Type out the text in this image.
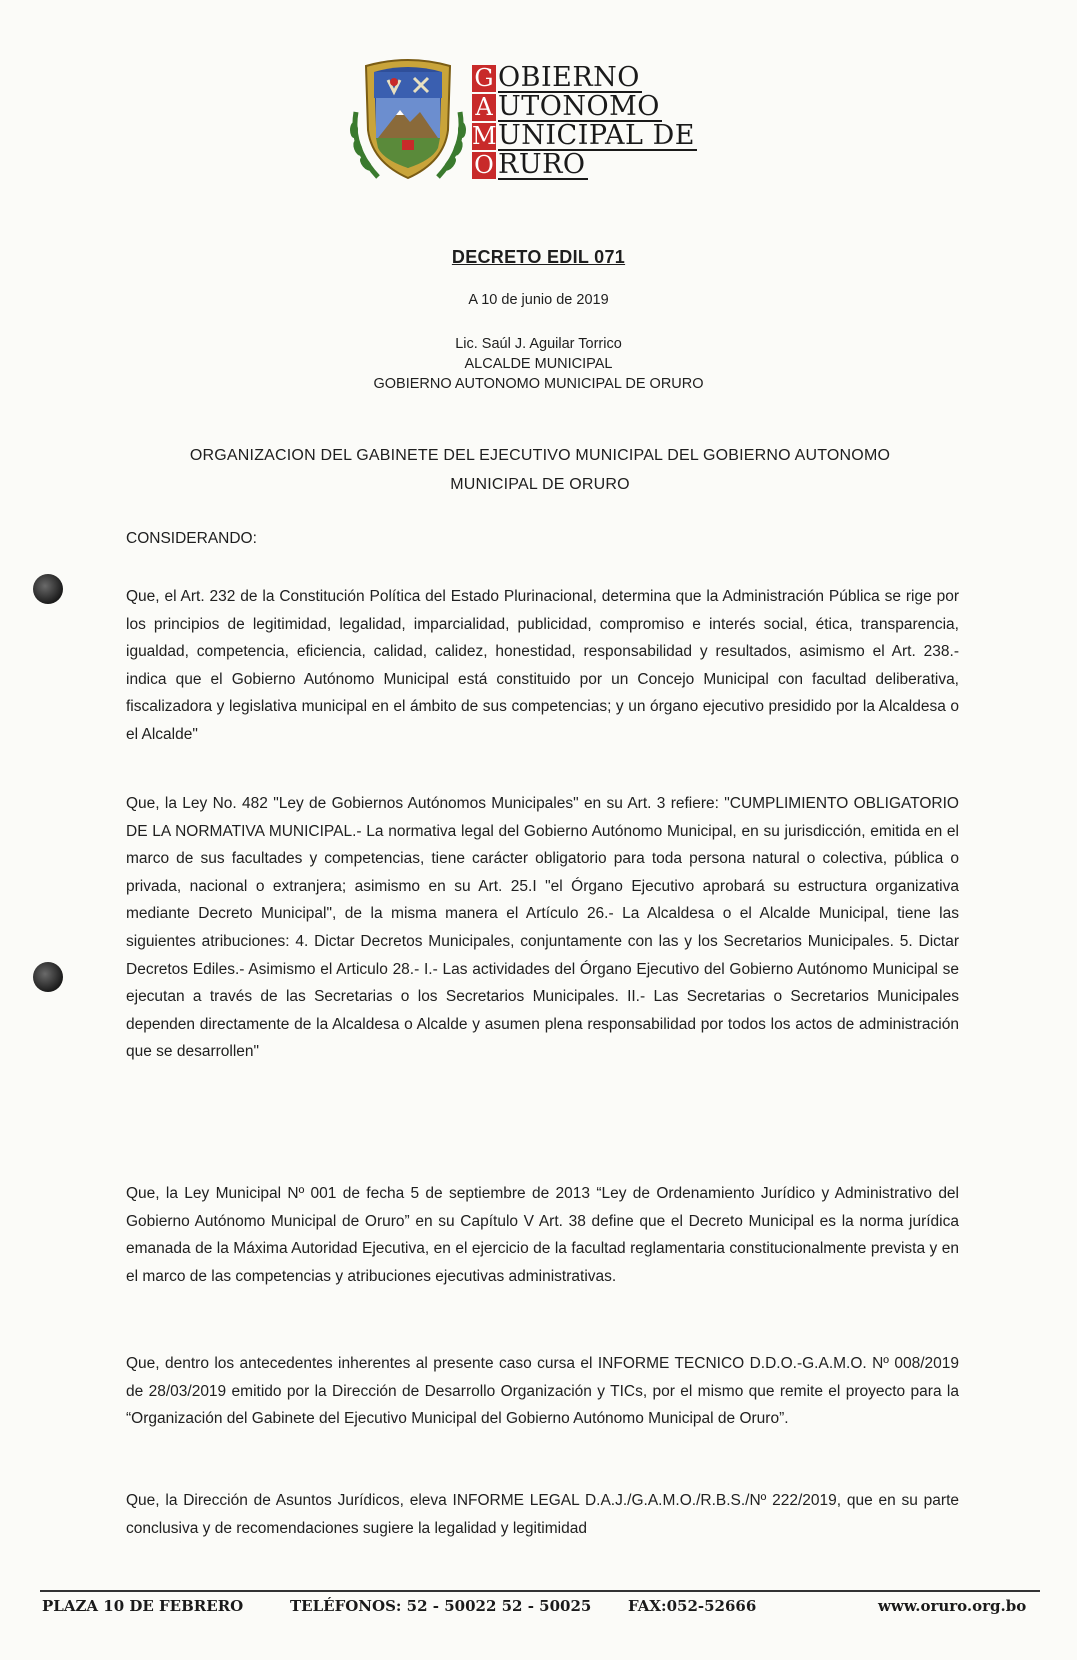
G OBIERNO
A UTONOMO
M UNICIPAL DE
O RURO
DECRETO EDIL 071
A 10 de junio de 2019
Lic. Saúl J. Aguilar Torrico
ALCALDE MUNICIPAL
GOBIERNO AUTONOMO MUNICIPAL DE ORURO
ORGANIZACION DEL GABINETE DEL EJECUTIVO MUNICIPAL DEL GOBIERNO AUTONOMO
MUNICIPAL DE ORURO
CONSIDERANDO:
Que, el Art. 232 de la Constitución Política del Estado Plurinacional, determina que la Administración Pública se rige por los principios de legitimidad, legalidad, imparcialidad, publicidad, compromiso e interés social, ética, transparencia, igualdad, competencia, eficiencia, calidad, calidez, honestidad, responsabilidad y resultados, asimismo el Art. 238.- indica que el Gobierno Autónomo Municipal está constituido por un Concejo Municipal con facultad deliberativa, fiscalizadora y legislativa municipal en el ámbito de sus competencias; y un órgano ejecutivo presidido por la Alcaldesa o el Alcalde"
Que, la Ley No. 482 "Ley de Gobiernos Autónomos Municipales" en su Art. 3 refiere: "CUMPLIMIENTO OBLIGATORIO DE LA NORMATIVA MUNICIPAL.- La normativa legal del Gobierno Autónomo Municipal, en su jurisdicción, emitida en el marco de sus facultades y competencias, tiene carácter obligatorio para toda persona natural o colectiva, pública o privada, nacional o extranjera; asimismo en su Art. 25.I "el Órgano Ejecutivo aprobará su estructura organizativa mediante Decreto Municipal", de la misma manera el Artículo 26.- La Alcaldesa o el Alcalde Municipal, tiene las siguientes atribuciones: 4. Dictar Decretos Municipales, conjuntamente con las y los Secretarios Municipales. 5. Dictar Decretos Ediles.- Asimismo el Articulo 28.- I.- Las actividades del Órgano Ejecutivo del Gobierno Autónomo Municipal se ejecutan a través de las Secretarias o los Secretarios Municipales. II.- Las Secretarias o Secretarios Municipales dependen directamente de la Alcaldesa o Alcalde y asumen plena responsabilidad por todos los actos de administración que se desarrollen"
Que, la Ley Municipal Nº 001 de fecha 5 de septiembre de 2013 “Ley de Ordenamiento Jurídico y Administrativo del Gobierno Autónomo Municipal de Oruro” en su Capítulo V Art. 38 define que el Decreto Municipal es la norma jurídica emanada de la Máxima Autoridad Ejecutiva, en el ejercicio de la facultad reglamentaria constitucionalmente prevista y en el marco de las competencias y atribuciones ejecutivas administrativas.
Que, dentro los antecedentes inherentes al presente caso cursa el INFORME TECNICO D.D.O.-G.A.M.O. Nº 008/2019 de 28/03/2019 emitido por la Dirección de Desarrollo Organización y TICs, por el mismo que remite el proyecto para la “Organización del Gabinete del Ejecutivo Municipal del Gobierno Autónomo Municipal de Oruro”.
Que, la Dirección de Asuntos Jurídicos, eleva INFORME LEGAL D.A.J./G.A.M.O./R.B.S./Nº 222/2019, que en su parte conclusiva y de recomendaciones sugiere la legalidad y legitimidad
PLAZA 10 DE FEBRERO	TELÉFONOS: 52 - 50022 52 - 50025 FAX:052-52666	www.oruro.org.bo
